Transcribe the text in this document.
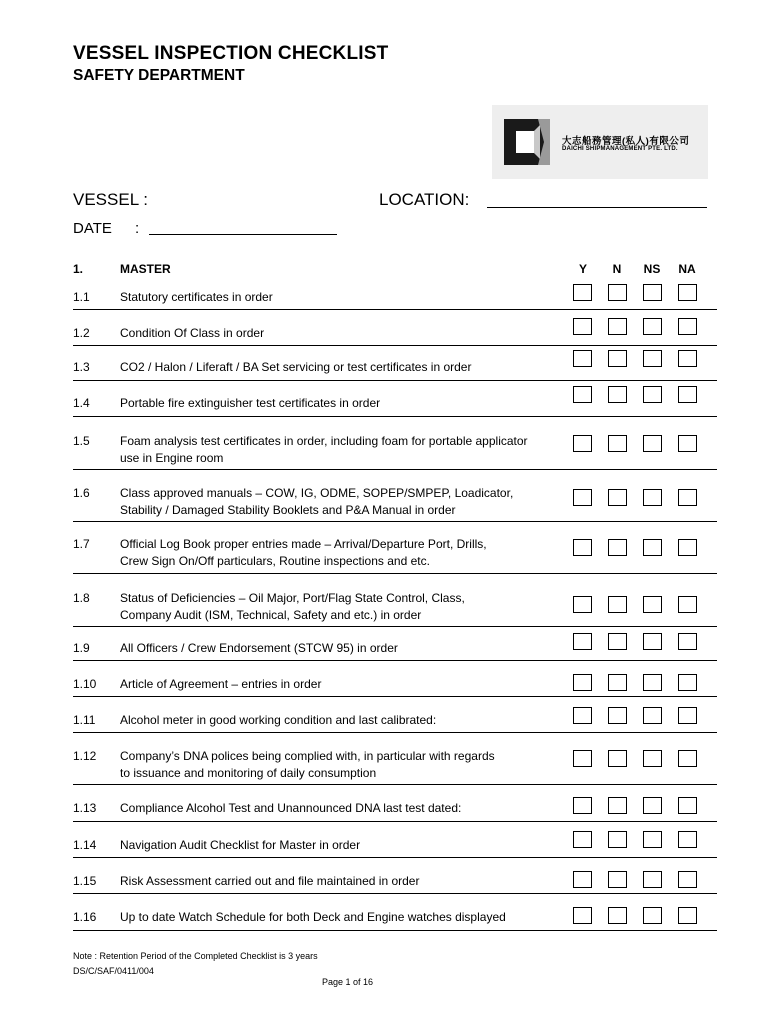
VESSEL INSPECTION CHECKLIST
SAFETY DEPARTMENT
大志船務管理(私人)有限公司
DAICHI SHIPMANAGEMENT PTE. LTD.
VESSEL :	LOCATION:
DATE :
1.	MASTER	Y	N	NS	NA
1.1	Statutory certificates in order
1.2	Condition Of Class in order
1.3	CO2 / Halon / Liferaft / BA Set servicing or test certificates in order
1.4	Portable fire extinguisher test certificates in order
1.5	Foam analysis test certificates in order, including foam for portable applicator
use in Engine room
1.6	Class approved manuals – COW, IG, ODME, SOPEP/SMPEP, Loadicator,
Stability / Damaged Stability Booklets and P&A Manual in order
1.7	Official Log Book proper entries made – Arrival/Departure Port, Drills,
Crew Sign On/Off particulars, Routine inspections and etc.
1.8	Status of Deficiencies – Oil Major, Port/Flag State Control, Class,
Company Audit (ISM, Technical, Safety and etc.) in order
1.9	All Officers / Crew Endorsement (STCW 95) in order
1.10 Article of Agreement – entries in order
1.11 Alcohol meter in good working condition and last calibrated:
1.12 Company’s DNA polices being complied with, in particular with regards
to issuance and monitoring of daily consumption
1.13 Compliance Alcohol Test and Unannounced DNA last test dated:
1.14 Navigation Audit Checklist for Master in order
1.15 Risk Assessment carried out and file maintained in order
1.16 Up to date Watch Schedule for both Deck and Engine watches displayed
Note : Retention Period of the Completed Checklist is 3 years
DS/C/SAF/0411/004
Page 1 of 16
